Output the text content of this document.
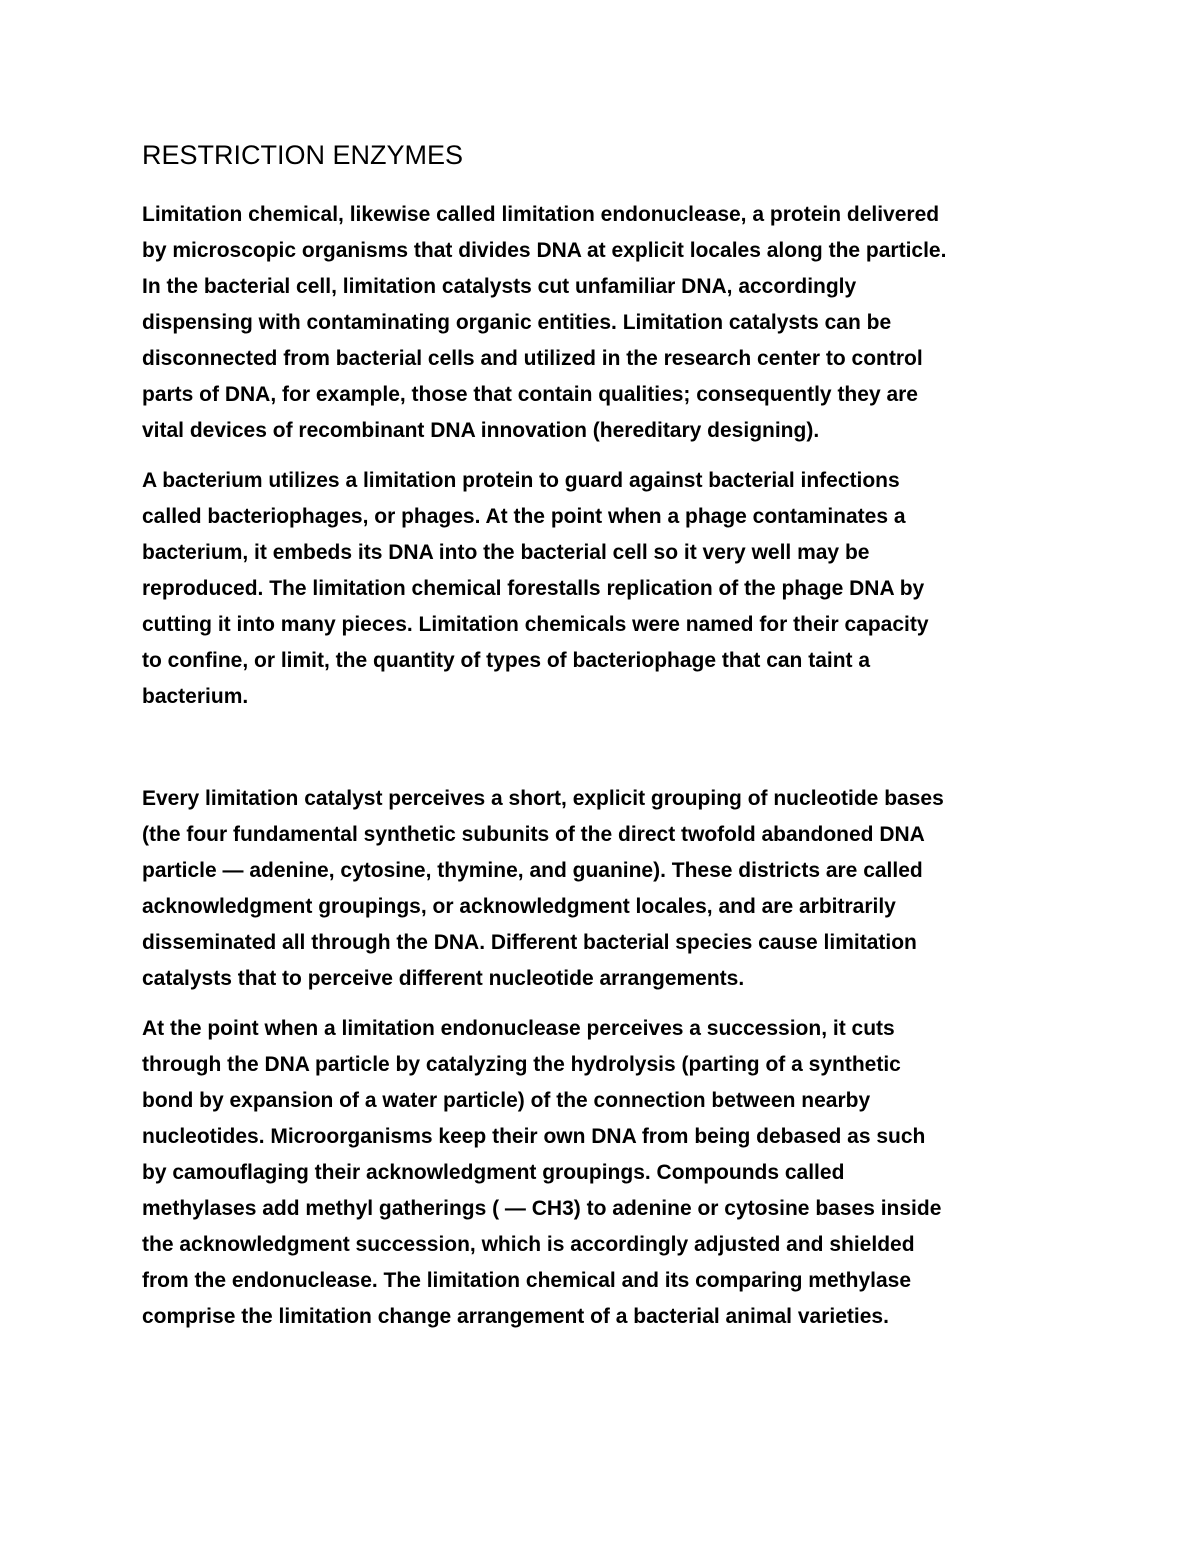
RESTRICTION ENZYMES
Limitation chemical, likewise called limitation endonuclease, a protein delivered
by microscopic organisms that divides DNA at explicit locales along the particle.
In the bacterial cell, limitation catalysts cut unfamiliar DNA, accordingly
dispensing with contaminating organic entities. Limitation catalysts can be
disconnected from bacterial cells and utilized in the research center to control
parts of DNA, for example, those that contain qualities; consequently they are
vital devices of recombinant DNA innovation (hereditary designing).
A bacterium utilizes a limitation protein to guard against bacterial infections
called bacteriophages, or phages. At the point when a phage contaminates a
bacterium, it embeds its DNA into the bacterial cell so it very well may be
reproduced. The limitation chemical forestalls replication of the phage DNA by
cutting it into many pieces. Limitation chemicals were named for their capacity
to confine, or limit, the quantity of types of bacteriophage that can taint a
bacterium.
Every limitation catalyst perceives a short, explicit grouping of nucleotide bases
(the four fundamental synthetic subunits of the direct twofold abandoned DNA
particle — adenine, cytosine, thymine, and guanine). These districts are called
acknowledgment groupings, or acknowledgment locales, and are arbitrarily
disseminated all through the DNA. Different bacterial species cause limitation
catalysts that to perceive different nucleotide arrangements.
At the point when a limitation endonuclease perceives a succession, it cuts
through the DNA particle by catalyzing the hydrolysis (parting of a synthetic
bond by expansion of a water particle) of the connection between nearby
nucleotides. Microorganisms keep their own DNA from being debased as such
by camouflaging their acknowledgment groupings. Compounds called
methylases add methyl gatherings ( — CH3) to adenine or cytosine bases inside
the acknowledgment succession, which is accordingly adjusted and shielded
from the endonuclease. The limitation chemical and its comparing methylase
comprise the limitation change arrangement of a bacterial animal varieties.
